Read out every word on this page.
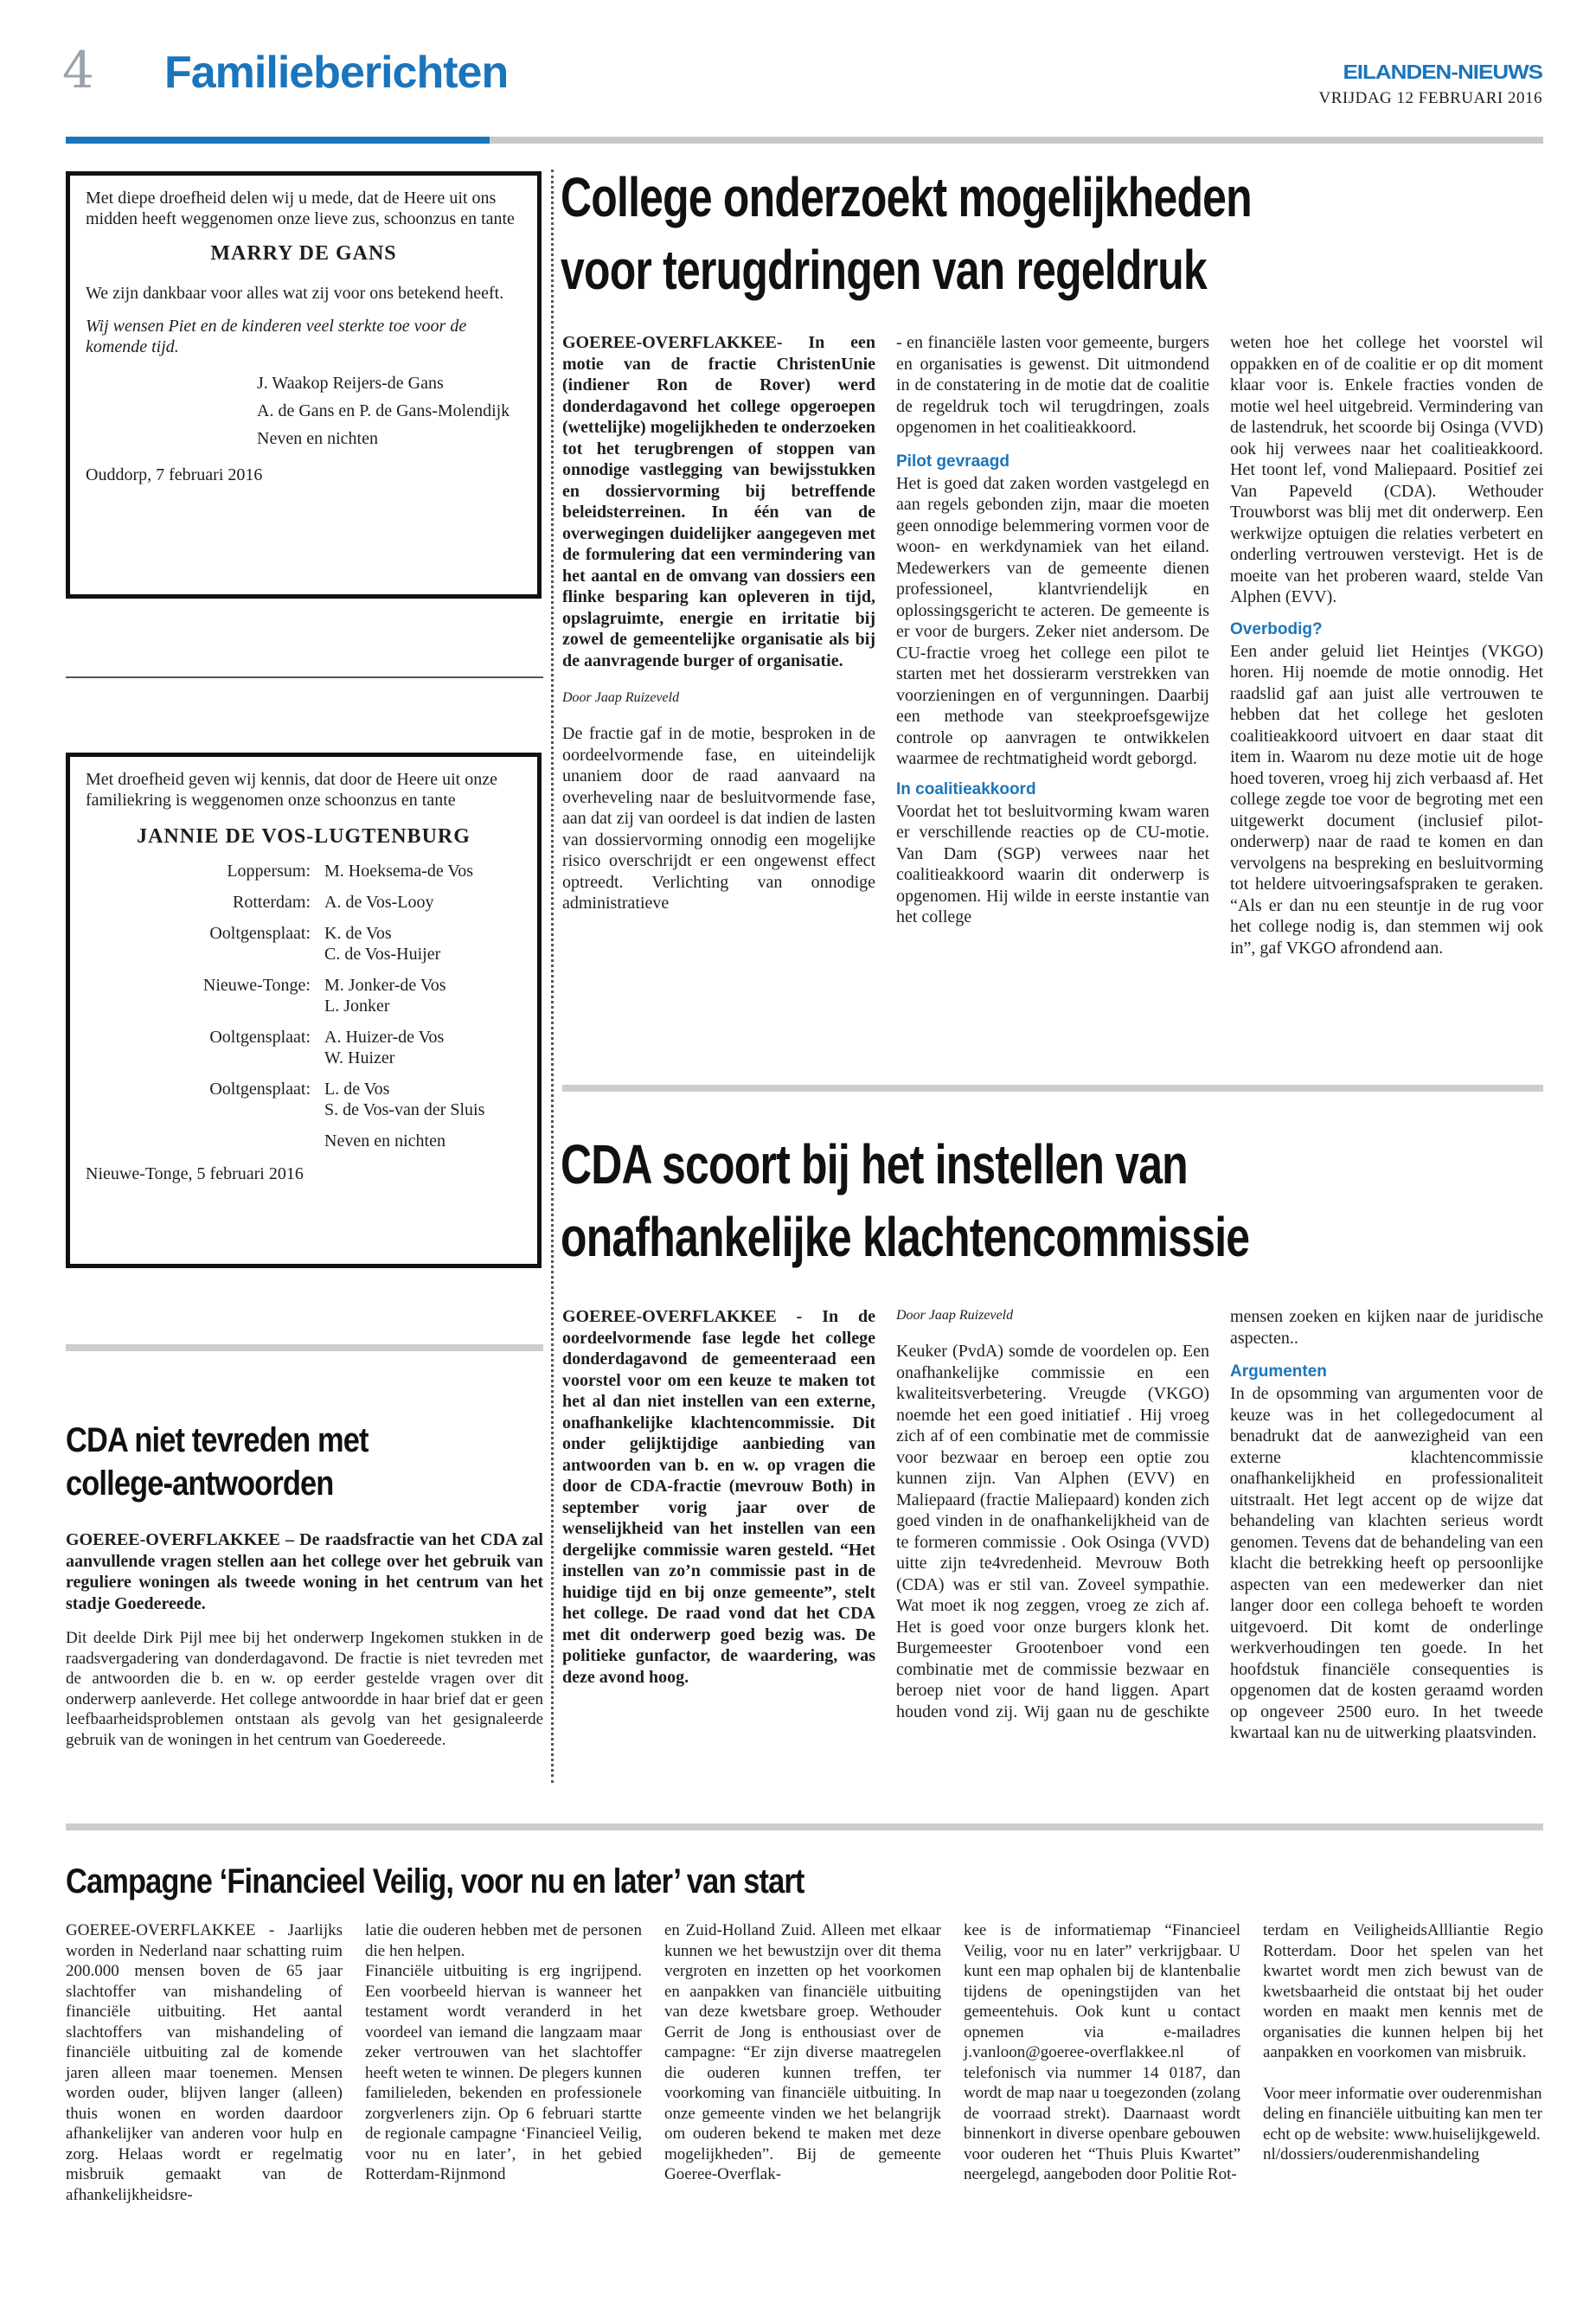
4 Familieberichten	EILANDEN-NIEUWS
VRIJDAG 12 FEBRUARI 2016

Met diepe droefheid delen wij u mede, dat de Heere uit ons midden heeft weggenomen onze lieve zus, schoonzus en tante

MARRY DE GANS

We zijn dankbaar voor alles wat zij voor ons betekend heeft.

Wij wensen Piet en de kinderen veel sterkte toe voor de komende tijd.

J. Waakop Reijers-de Gans

A. de Gans en P. de Gans-Molendijk

Neven en nichten

Ouddorp, 7 februari 2016

Met droefheid geven wij kennis, dat door de Heere uit onze familiekring is weggenomen onze schoonzus en tante

JANNIE DE VOS-LUGTENBURG

Loppersum: M. Hoeksema-de Vos
Rotterdam: A. de Vos-Looy
Ooltgensplaat: K. de Vos
C. de Vos-Huijer
Nieuwe-Tonge: M. Jonker-de Vos
L. Jonker
Ooltgensplaat: A. Huizer-de Vos
W. Huizer
Ooltgensplaat: L. de Vos
S. de Vos-van der Sluis
Neven en nichten

Nieuwe-Tonge, 5 februari 2016

CDA niet tevreden met
college-antwoorden

GOEREE-OVERFLAKKEE – De raadsfractie van het CDA zal aanvullende vragen stellen aan het college over het gebruik van reguliere woningen als tweede woning in het centrum van het stadje Goedereede.

Dit deelde Dirk Pijl mee bij het onderwerp Ingekomen stukken in de raadsvergadering van donderdagavond. De fractie is niet tevreden met de antwoorden die b. en w. op eerder gestelde vragen over dit onderwerp aanleverde. Het college antwoordde in haar brief dat er geen leefbaarheidsproblemen ontstaan als gevolg van het gesignaleerde gebruik van de woningen in het centrum van Goedereede.

College onderzoekt mogelijkheden
voor terugdringen van regeldruk

GOEREE-OVERFLAKKEE- In een motie van de fractie ChristenUnie (indiener Ron de Rover) werd donderdagavond het college opgeroepen (wettelijke) mogelijkheden te onderzoeken tot het terugbrengen of stoppen van onnodige vastlegging van bewijsstukken en dossiervorming bij betreffende beleidsterreinen. In één van de overwegingen duidelijker aangegeven met de formulering dat een vermindering van het aantal en de omvang van dossiers een flinke besparing kan opleveren in tijd, opslagruimte, energie en irritatie bij zowel de gemeentelijke organisatie als bij de aanvragende burger of organisatie.

Door Jaap Ruizeveld

De fractie gaf in de motie, besproken in de oordeelvormende fase, en uiteindelijk unaniem door de raad aanvaard na overheveling naar de besluitvormende fase, aan dat zij van oordeel is dat indien de lasten van dossiervorming onnodig een mogelijke risico overschrijdt er een ongewenst effect optreedt. Verlichting van onnodige administratieve

- en financiële lasten voor gemeente, burgers en organisaties is gewenst. Dit uitmondend in de constatering in de motie dat de coalitie de regeldruk toch wil terugdringen, zoals opgenomen in het coalitieakkoord.

Pilot gevraagd

Het is goed dat zaken worden vastgelegd en aan regels gebonden zijn, maar die moeten geen onnodige belemmering vormen voor de woon- en werkdynamiek van het eiland. Medewerkers van de gemeente dienen professioneel, klantvriendelijk en oplossingsgericht te acteren. De gemeente is er voor de burgers. Zeker niet andersom. De CU-fractie vroeg het college een pilot te starten met het dossierarm verstrekken van voorzieningen en of vergunningen. Daarbij een methode van steekproefsgewijze controle op aanvragen te ontwikkelen waarmee de rechtmatigheid wordt geborgd.

In coalitieakkoord

Voordat het tot besluitvorming kwam waren er verschillende reacties op de CU-motie. Van Dam (SGP) verwees naar het coalitieakkoord waarin dit onderwerp is opgenomen. Hij wilde in eerste instantie van het college

weten hoe het college het voorstel wil oppakken en of de coalitie er op dit moment klaar voor is. Enkele fracties vonden de motie wel heel uitgebreid. Vermindering van de lastendruk, het scoorde bij Osinga (VVD) ook hij verwees naar het coalitieakkoord. Het toont lef, vond Maliepaard. Positief zei Van Papeveld (CDA). Wethouder Trouwborst was blij met dit onderwerp. Een werkwijze optuigen die relaties verbetert en onderling vertrouwen verstevigt. Het is de moeite van het proberen waard, stelde Van Alphen (EVV).

Overbodig?

Een ander geluid liet Heintjes (VKGO) horen. Hij noemde de motie onnodig. Het raadslid gaf aan juist alle vertrouwen te hebben dat het college het gesloten coalitieakkoord uitvoert en daar staat dit item in. Waarom nu deze motie uit de hoge hoed toveren, vroeg hij zich verbaasd af. Het college zegde toe voor de begroting met een uitgewerkt document (inclusief pilot-onderwerp) naar de raad te komen en dan vervolgens na bespreking en besluitvorming tot heldere uitvoeringsafspraken te geraken. “Als er dan nu een steuntje in de rug voor het college nodig is, dan stemmen wij ook in”, gaf VKGO afrondend aan.

CDA scoort bij het instellen van
onafhankelijke klachtencommissie

GOEREE-OVERFLAKKEE - In de oordeelvormende fase legde het college donderdagavond de gemeenteraad een voorstel voor om een keuze te maken tot het al dan niet instellen van een externe, onafhankelijke klachtencommissie. Dit onder gelijktijdige aanbieding van antwoorden van b. en w. op vragen die door de CDA-fractie (mevrouw Both) in september vorig jaar over de wenselijkheid van het instellen van een dergelijke commissie waren gesteld. “Het instellen van zo’n commissie past in de huidige tijd en bij onze gemeente”, stelt het college. De raad vond dat het CDA met dit onderwerp goed bezig was. De politieke gunfactor, de waardering, was deze avond hoog.

Door Jaap Ruizeveld

Keuker (PvdA) somde de voordelen op. Een onafhankelijke commissie en een kwaliteitsverbetering. Vreugde (VKGO) noemde het een goed initiatief . Hij vroeg zich af of een combinatie met de commissie voor bezwaar en beroep een optie zou kunnen zijn. Van Alphen (EVV) en Maliepaard (fractie Maliepaard) konden zich goed vinden in de onafhankelijkheid van de te formeren commissie . Ook Osinga (VVD) uitte zijn te4vredenheid. Mevrouw Both (CDA) was er stil van. Zoveel sympathie. Wat moet ik nog zeggen, vroeg ze zich af. Het is goed voor onze burgers klonk het. Burgemeester Grootenboer vond een combinatie met de commissie bezwaar en beroep niet voor de hand liggen. Apart houden vond zij. Wij gaan nu de geschikte mensen zoeken en kijken naar de juridische aspecten..

Argumenten

In de opsomming van argumenten voor de keuze was in het collegedocument al benadrukt dat de aanwezigheid van een externe klachtencommissie onafhankelijkheid en professionaliteit uitstraalt. Het legt accent op de wijze dat behandeling van klachten serieus wordt genomen. Tevens dat de behandeling van een klacht die betrekking heeft op persoonlijke aspecten van een medewerker dan niet langer door een collega behoeft te worden uitgevoerd. Dit komt de onderlinge werkverhoudingen ten goede. In het hoofdstuk financiële consequenties is opgenomen dat de kosten geraamd worden op ongeveer 2500 euro. In het tweede kwartaal kan nu de uitwerking plaatsvinden.

Campagne ‘Financieel Veilig, voor nu en later’ van start

GOEREE-OVERFLAKKEE - Jaarlijks worden in Nederland naar schatting ruim 200.000 mensen boven de 65 jaar slachtoffer van mishandeling of financiële uitbuiting. Het aantal slachtoffers van mishandeling of financiële uitbuiting zal de komende jaren alleen maar toenemen. Mensen worden ouder, blijven langer (alleen) thuis wonen en worden daardoor afhankelijker van anderen voor hulp en zorg. Helaas wordt er regelmatig misbruik gemaakt van de afhankelijkheidsre-

latie die ouderen hebben met de personen die hen helpen.

Financiële uitbuiting is erg ingrijpend. Een voorbeeld hiervan is wanneer het testament wordt veranderd in het voordeel van iemand die langzaam maar zeker vertrouwen van het slachtoffer heeft weten te winnen. De plegers kunnen familieleden, bekenden en professionele zorgverleners zijn. Op 6 februari startte de regionale campagne ‘Financieel Veilig, voor nu en later’, in het gebied Rotterdam-Rijnmond

en Zuid-Holland Zuid. Alleen met elkaar kunnen we het bewustzijn over dit thema vergroten en inzetten op het voorkomen en aanpakken van financiële uitbuiting van deze kwetsbare groep. Wethouder Gerrit de Jong is enthousiast over de campagne: “Er zijn diverse maatregelen die ouderen kunnen treffen, ter voorkoming van financiële uitbuiting. In onze gemeente vinden we het belangrijk om ouderen bekend te maken met deze mogelijkheden”. Bij de gemeente Goeree-Overflak-

kee is de informatiemap “Financieel Veilig, voor nu en later” verkrijgbaar. U kunt een map ophalen bij de klantenbalie tijdens de openingstijden van het gemeentehuis. Ook kunt u contact opnemen via e-mailadres j.vanloon@goeree-overflakkee.nl of telefonisch via nummer 14 0187, dan wordt de map naar u toegezonden (zolang de voorraad strekt). Daarnaast wordt binnenkort in diverse openbare gebouwen voor ouderen het “Thuis Pluis Kwartet” neergelegd, aangeboden door Politie Rot-

terdam en VeiligheidsAllliantie Regio Rotterdam. Door het spelen van het kwartet wordt men zich bewust van de kwetsbaarheid die ontstaat bij het ouder worden en maakt men kennis met de organisaties die kunnen helpen bij het aanpakken en voorkomen van misbruik.

Voor meer informatie over ouderenmishandeling en financiële uitbuiting kan men terecht op de website: www.huiselijkgeweld.nl/dossiers/ouderenmishandeling
